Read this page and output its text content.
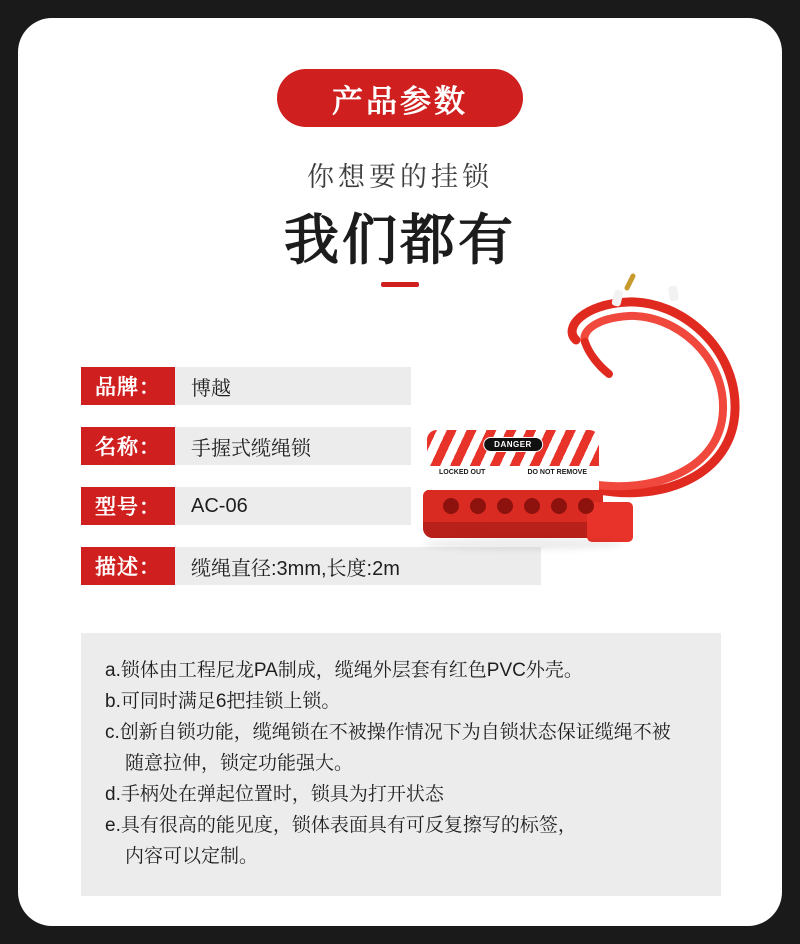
产品参数
你想要的挂锁
我们都有
品牌：	博越
名称：	手握式缆绳锁
型号：	AC-06
描述：	缆绳直径:3mm,长度:2m
a.锁体由工程尼龙PA制成，缆绳外层套有红色PVC外壳。
b.可同时满足6把挂锁上锁。
c.创新自锁功能，缆绳锁在不被操作情况下为自锁状态保证缆绳不被
随意拉伸，锁定功能强大。
d.手柄处在弹起位置时，锁具为打开状态
e.具有很高的能见度，锁体表面具有可反复擦写的标签，
内容可以定制。
DANGER
LOCKED OUT	DO NOT REMOVE
